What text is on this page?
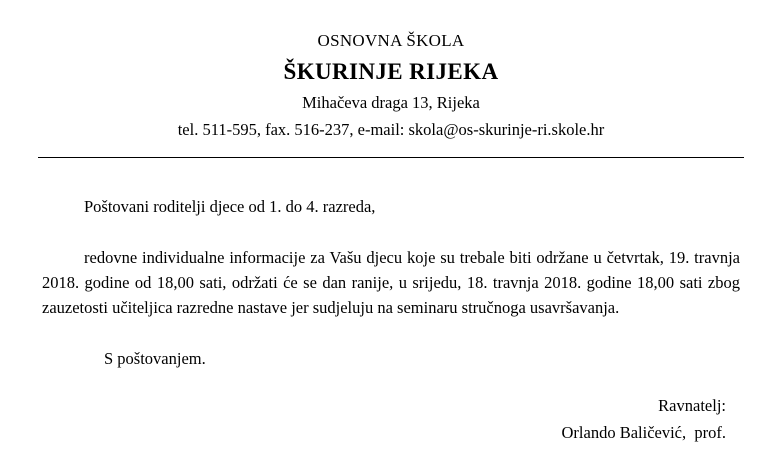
OSNOVNA ŠKOLA
ŠKURINJE RIJEKA
Mihačeva draga 13, Rijeka
tel. 511-595, fax. 516-237, e-mail: skola@os-skurinje-ri.skole.hr

Poštovani roditelji djece od 1. do 4. razreda,

redovne individualne informacije za Vašu djecu koje su trebale biti održane u četvrtak, 19. travnja 2018. godine od 18,00 sati, održati će se dan ranije, u srijedu, 18. travnja 2018. godine 18,00 sati zbog zauzetosti učiteljica razredne nastave jer sudjeluju na seminaru stručnoga usavršavanja.

S poštovanjem.

Ravnatelj:
Orlando Baličević,  prof.
